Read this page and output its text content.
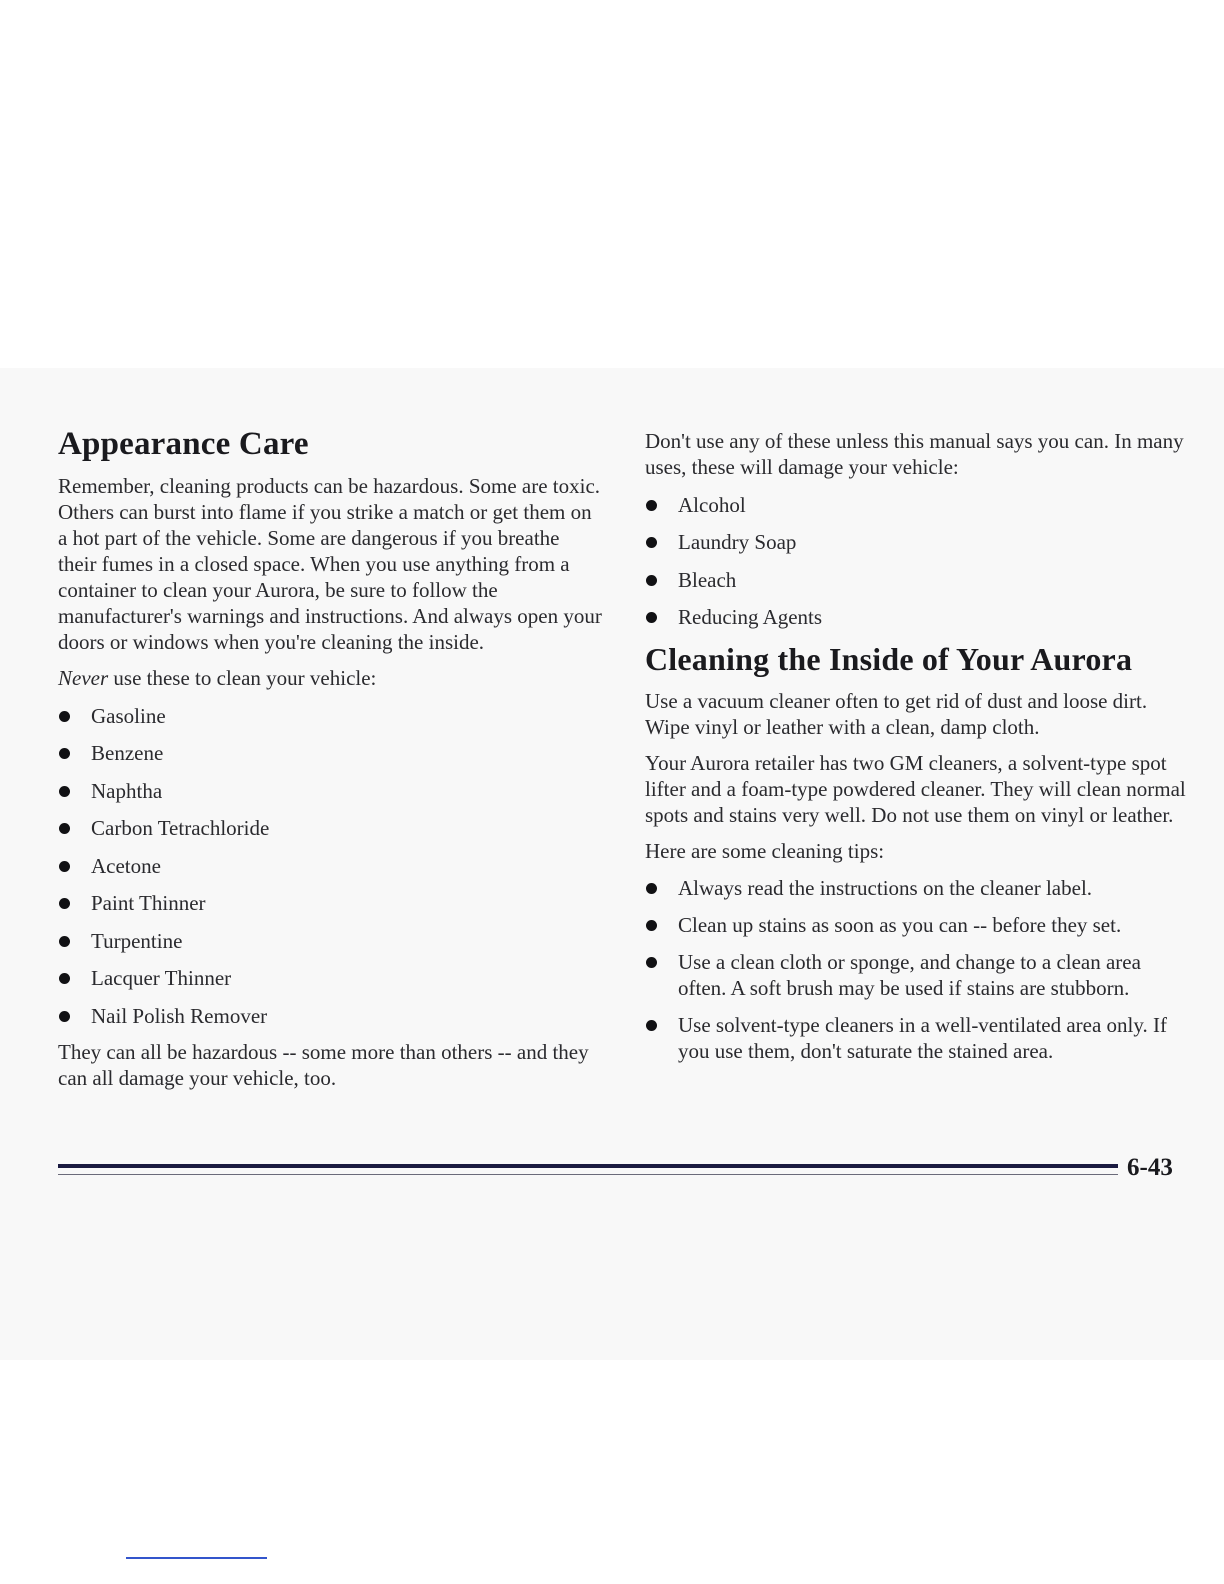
Appearance Care

Remember, cleaning products can be hazardous. Some are toxic. Others can burst into flame if you strike a match or get them on a hot part of the vehicle. Some are dangerous if you breathe their fumes in a closed space. When you use anything from a container to clean your Aurora, be sure to follow the manufacturer's warnings and instructions. And always open your doors or windows when you're cleaning the inside.

Never use these to clean your vehicle:

Gasoline
Benzene
Naphtha
Carbon Tetrachloride
Acetone
Paint Thinner
Turpentine
Lacquer Thinner
Nail Polish Remover

They can all be hazardous -- some more than others -- and they can all damage your vehicle, too.

Don't use any of these unless this manual says you can. In many uses, these will damage your vehicle:

Alcohol
Laundry Soap
Bleach
Reducing Agents
Cleaning the Inside of Your Aurora

Use a vacuum cleaner often to get rid of dust and loose dirt. Wipe vinyl or leather with a clean, damp cloth.

Your Aurora retailer has two GM cleaners, a solvent-type spot lifter and a foam-type powdered cleaner. They will clean normal spots and stains very well. Do not use them on vinyl or leather.

Here are some cleaning tips:

Always read the instructions on the cleaner label.
Clean up stains as soon as you can -- before they set.
Use a clean cloth or sponge, and change to a clean area often. A soft brush may be used if stains are stubborn.
Use solvent-type cleaners in a well-ventilated area only. If you use them, don't saturate the stained area.
6-43
